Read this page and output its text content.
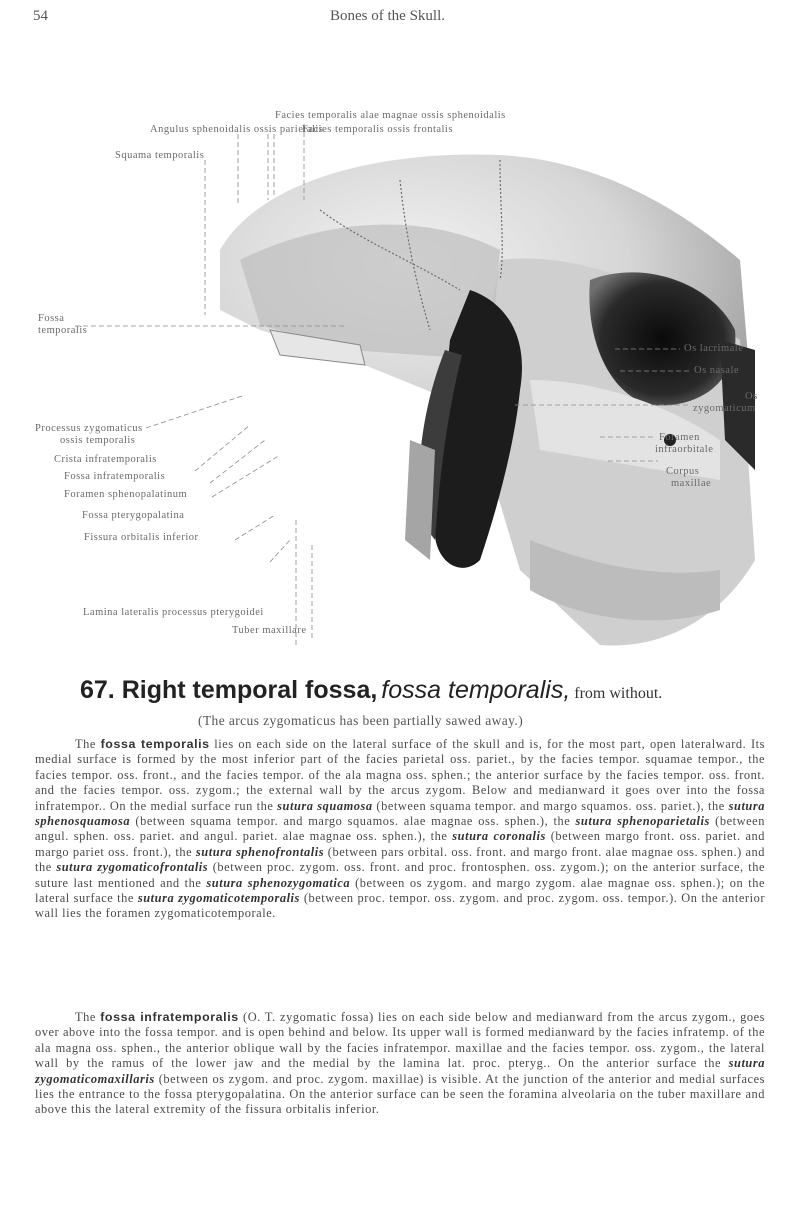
54	Bones of the Skull.
Facies temporalis alae magnae ossis sphenoidalis
Angulus sphenoidalis ossis parietalis
Facies temporalis ossis frontalis
Squama temporalis
Fossa
temporalis
Os lacrimale
Os nasale
Os
zygomaticum
Processus zygomaticus
ossis temporalis
Crista infratemporalis
Foramen
infraorbitale
Fossa infratemporalis	Corpus
maxillae
Foramen sphenopalatinum
Fossa pterygopalatina
Fissura orbitalis inferior
Lamina lateralis processus pterygoidei
Tuber maxillare
67. Right temporal fossa, fossa temporalis, from without.
(The arcus zygomaticus has been partially sawed away.)
The fossa temporalis lies on each side on the lateral surface of the skull and is, for the most part, open lateralward. Its medial surface is formed by the most inferior part of the facies parietal oss. pariet., by the facies tempor. squamae tempor., the facies tempor. oss. front., and the facies tempor. of the ala magna oss. sphen.; the anterior surface by the facies tempor. oss. front. and the facies tempor. oss. zygom.; the external wall by the arcus zygom. Below and medianward it goes over into the fossa infratempor.. On the medial surface run the sutura squamosa (between squama tempor. and margo squamos. oss. pariet.), the sutura sphenosquamosa (between squama tempor. and margo squamos. alae magnae oss. sphen.), the sutura sphenoparietalis (between angul. sphen. oss. pariet. and angul. pariet. alae magnae oss. sphen.), the sutura coronalis (between margo front. oss. pariet. and margo pariet oss. front.), the sutura sphenofrontalis (between pars orbital. oss. front. and margo front. alae magnae oss. sphen.) and the sutura zygomaticofrontalis (between proc. zygom. oss. front. and proc. frontosphen. oss. zygom.); on the anterior surface, the suture last mentioned and the sutura sphenozygomatica (between os zygom. and margo zygom. alae magnae oss. sphen.); on the lateral surface the sutura zygomaticotemporalis (between proc. tempor. oss. zygom. and proc. zygom. oss. tempor.). On the anterior wall lies the foramen zygomaticotemporale.
The fossa infratemporalis (O. T. zygomatic fossa) lies on each side below and medianward from the arcus zygom., goes over above into the fossa tempor. and is open behind and below. Its upper wall is formed medianward by the facies infratemp. of the ala magna oss. sphen., the anterior oblique wall by the facies infratempor. maxillae and the facies tempor. oss. zygom., the lateral wall by the ramus of the lower jaw and the medial by the lamina lat. proc. pteryg.. On the anterior surface the sutura zygomaticomaxillaris (between os zygom. and proc. zygom. maxillae) is visible. At the junction of the anterior and medial surfaces lies the entrance to the fossa pterygopalatina. On the anterior surface can be seen the foramina alveolaria on the tuber maxillare and above this the lateral extremity of the fissura orbitalis inferior.
